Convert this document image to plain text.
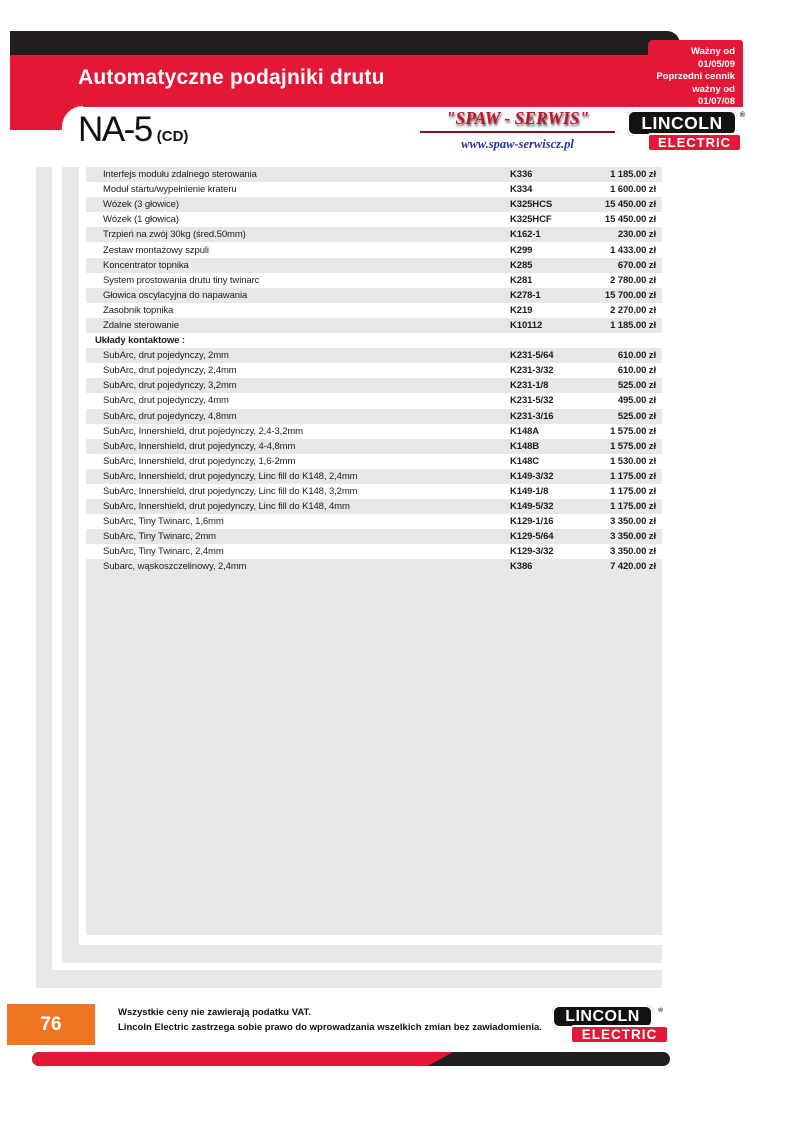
Ważny od
01/05/09
Poprzedni cennik ważny od
01/07/08
Automatyczne podajniki drutu
NA-5 (CD)
"SPAW - SERWIS"
www.spaw-serwiscz.pl
LINCOLN	®
ELECTRIC
Interfejs modułu zdalnego sterowania	K336	1 185.00 zł
Moduł startu/wypełnienie krateru	K334	1 600.00 zł
Wózek (3 głowice)	K325HCS	15 450.00 zł
Wózek (1 głowica)	K325HCF	15 450.00 zł
Trzpień na zwój 30kg (śred.50mm)	K162-1	230.00 zł
Zestaw montażowy szpuli	K299	1 433.00 zł
Koncentrator topnika	K285	670.00 zł
System prostowania drutu tiny twinarc	K281	2 780.00 zł
Głowica oscylacyjna do napawania	K278-1	15 700.00 zł
Zasobnik topnika	K219	2 270.00 zł
Zdalne sterowanie	K10112	1 185.00 zł
Układy kontaktowe :
SubArc, drut pojedynczy, 2mm	K231-5/64	610.00 zł
SubArc, drut pojedynczy, 2,4mm	K231-3/32	610.00 zł
SubArc, drut pojedynczy, 3,2mm	K231-1/8	525.00 zł
SubArc, drut pojedynczy, 4mm	K231-5/32	495.00 zł
SubArc, drut pojedynczy, 4,8mm	K231-3/16	525.00 zł
SubArc, Innershield, drut pojedynczy, 2,4-3,2mm	K148A	1 575.00 zł
SubArc, Innershield, drut pojedynczy, 4-4,8mm	K148B	1 575.00 zł
SubArc, Innershield, drut pojedynczy, 1,6-2mm	K148C	1 530.00 zł
SubArc, Innershield, drut pojedynczy, Linc fill do K148, 2,4mm	K149-3/32	1 175.00 zł
SubArc, Innershield, drut pojedynczy, Linc fill do K148, 3,2mm	K149-1/8	1 175.00 zł
SubArc, Innershield, drut pojedynczy, Linc fill do K148, 4mm	K149-5/32	1 175.00 zł
SubArc, Tiny Twinarc, 1,6mm	K129-1/16	3 350.00 zł
SubArc, Tiny Twinarc, 2mm	K129-5/64	3 350.00 zł
SubArc, Tiny Twinarc, 2,4mm	K129-3/32	3 350.00 zł
Subarc, wąskoszczelinowy, 2,4mm	K386	7 420.00 zł
76
Wszystkie ceny nie zawierają podatku VAT.
Lincoln Electric zastrzega sobie prawo do wprowadzania wszelkich zmian bez zawiadomienia.
LINCOLN	®
ELECTRIC
